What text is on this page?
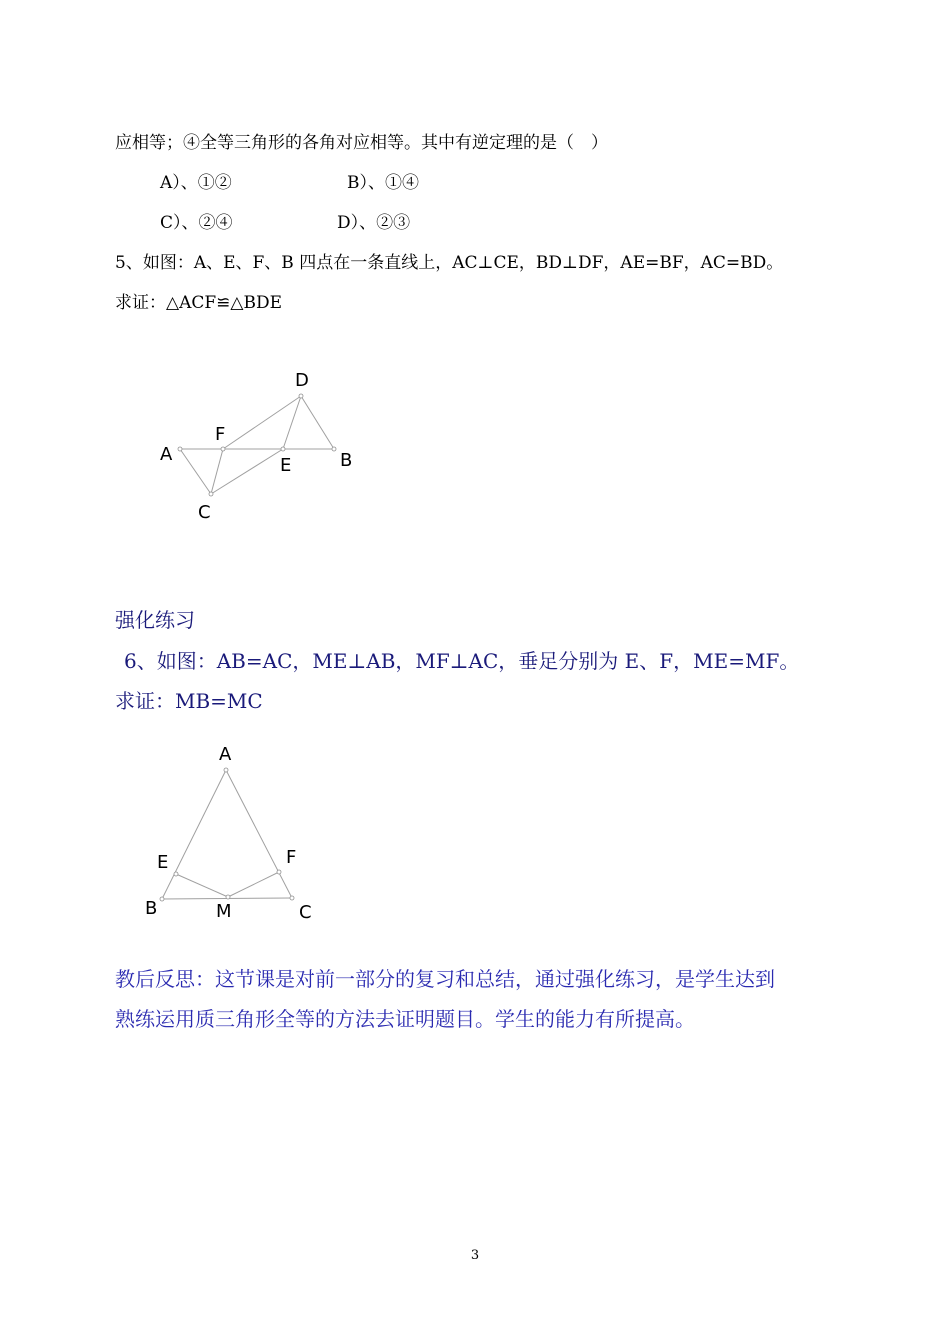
应相等；④全等三角形的各角对应相等。其中有逆定理的是（　）
A）、①②	B）、①④
C）、②④	D）、②③
5、如图：A、E、F、B 四点在一条直线上，AC⊥CE，BD⊥DF，AE=BF，AC=BD。
求证：△ACF≌△BDE
D
F
A
E	B
C
强化练习
6、如图：AB=AC，ME⊥AB，MF⊥AC，垂足分别为 E、F，ME=MF。
求证：MB=MC
A
E	F
B	M	C
教后反思：这节课是对前一部分的复习和总结，通过强化练习，是学生达到
熟练运用质三角形全等的方法去证明题目。学生的能力有所提高。
3
